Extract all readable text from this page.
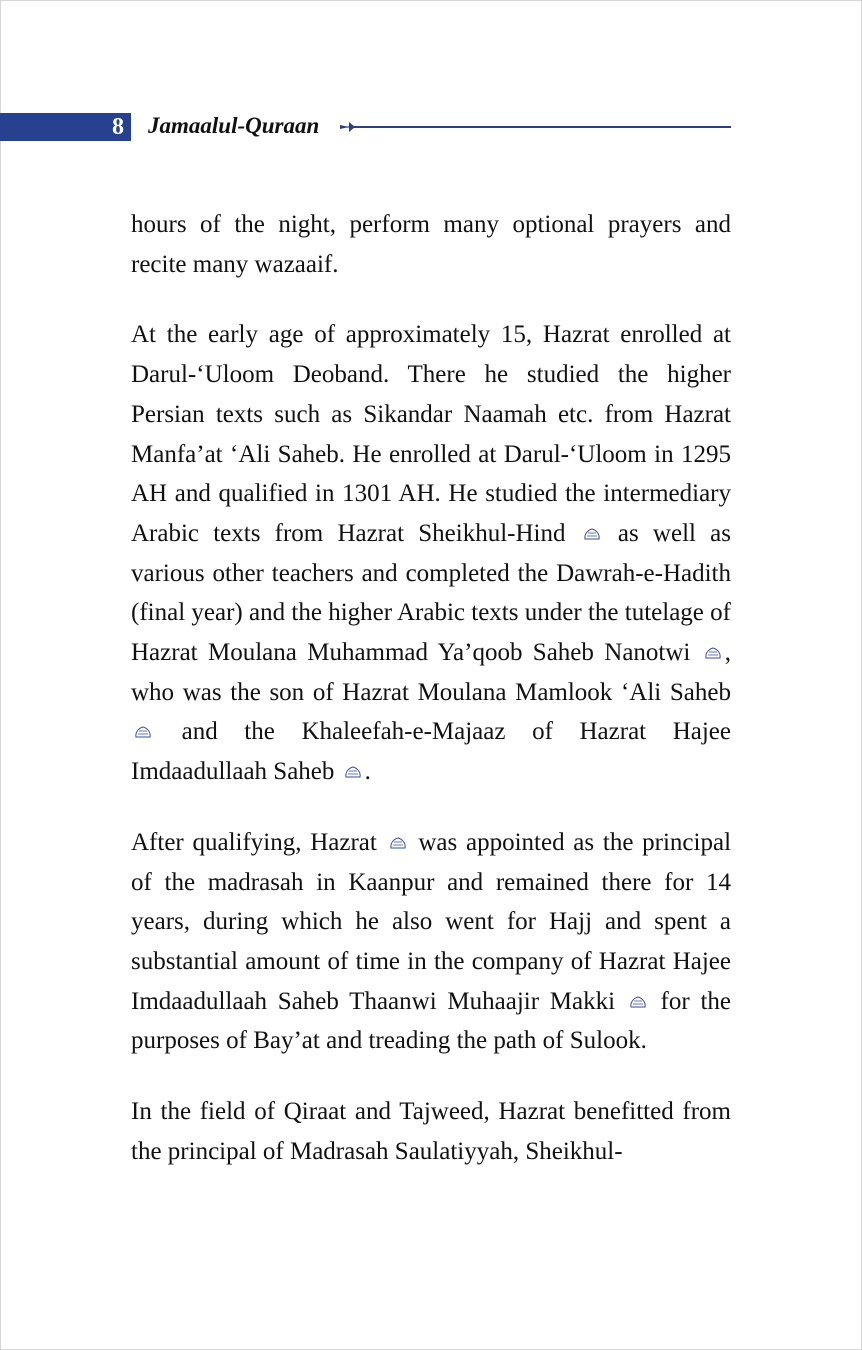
8 Jamaalul-Quraan

hours of the night, perform many optional prayers and recite many wazaaif.

At the early age of approximately 15, Hazrat enrolled at Darul-‘Uloom Deoband. There he studied the higher Persian texts such as Sikandar Naamah etc. from Hazrat Manfa’at ‘Ali Saheb. He enrolled at Darul-‘Uloom in 1295 AH and qualified in 1301 AH. He studied the intermediary Arabic texts from Hazrat Sheikhul-Hind as well as various other teachers and completed the Dawrah-e-Hadith (final year) and the higher Arabic texts under the tutelage of Hazrat Moulana Muhammad Ya’qoob Saheb Nanotwi , who was the son of Hazrat Moulana Mamlook ‘Ali Saheb  and the Khaleefah-e-Majaaz of Hazrat Hajee Imdaadullaah Saheb .

After qualifying, Hazrat was appointed as the principal of the madrasah in Kaanpur and remained there for 14 years, during which he also went for Hajj and spent a substantial amount of time in the company of Hazrat Hajee Imdaadullaah Saheb Thaanwi Muhaajir Makki for the purposes of Bay’at and treading the path of Sulook.

In the field of Qiraat and Tajweed, Hazrat benefitted from the principal of Madrasah Saulatiyyah, Sheikhul-
